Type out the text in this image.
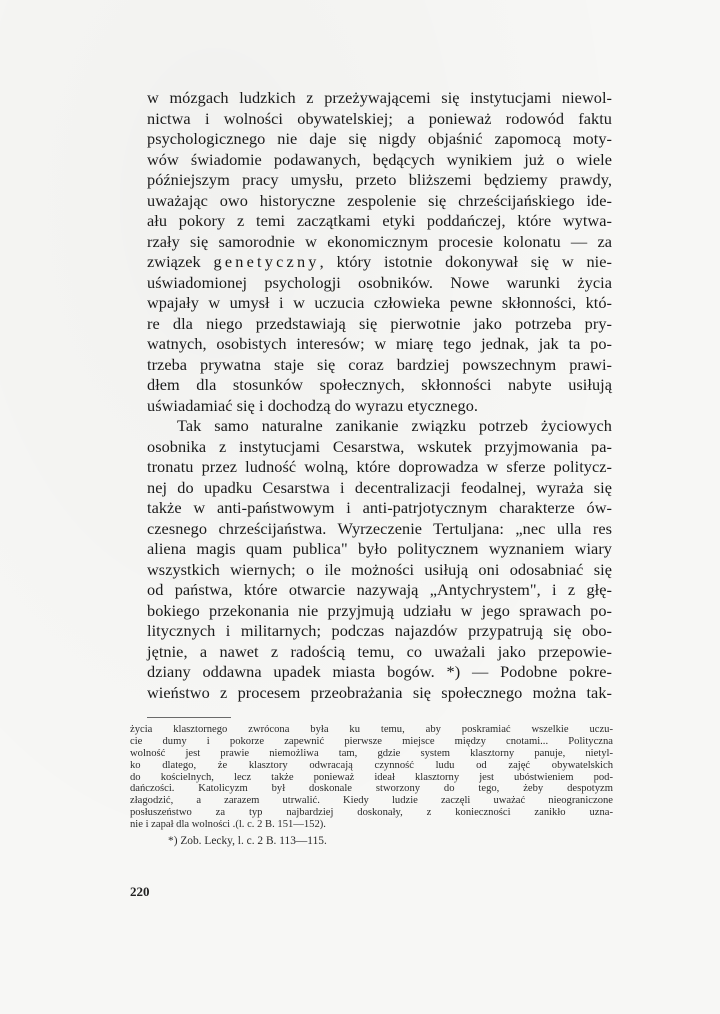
w mózgach ludzkich z przeżywającemi się instytucjami niewol-
nictwa i wolności obywatelskiej; a ponieważ rodowód faktu
psychologicznego nie daje się nigdy objaśnić zapomocą moty-
wów świadomie podawanych, będących wynikiem już o wiele
późniejszym pracy umysłu, przeto bliższemi będziemy prawdy,
uważając owo historyczne zespolenie się chrześcijańskiego ide-
ału pokory z temi zaczątkami etyki poddańczej, które wytwa-
rzały się samorodnie w ekonomicznym procesie kolonatu — za
związek genetyczny, który istotnie dokonywał się w nie-
uświadomionej psychologji osobników. Nowe warunki życia
wpajały w umysł i w uczucia człowieka pewne skłonności, któ-
re dla niego przedstawiają się pierwotnie jako potrzeba pry-
watnych, osobistych interesów; w miarę tego jednak, jak ta po-
trzeba prywatna staje się coraz bardziej powszechnym prawi-
dłem dla stosunków społecznych, skłonności nabyte usiłują
uświadamiać się i dochodzą do wyrazu etycznego.
Tak samo naturalne zanikanie związku potrzeb życiowych
osobnika z instytucjami Cesarstwa, wskutek przyjmowania pa-
tronatu przez ludność wolną, które doprowadza w sferze politycz-
nej do upadku Cesarstwa i decentralizacji feodalnej, wyraża się
także w anti-państwowym i anti-patrjotycznym charakterze ów-
czesnego chrześcijaństwa. Wyrzeczenie Tertuljana: „nec ulla res
aliena magis quam publica" było politycznem wyznaniem wiary
wszystkich wiernych; o ile możności usiłują oni odosabniać się
od państwa, które otwarcie nazywają „Antychrystem", i z głę-
bokiego przekonania nie przyjmują udziału w jego sprawach po-
litycznych i militarnych; podczas najazdów przypatrują się obo-
jętnie, a nawet z radością temu, co uważali jako przepowie-
dziany oddawna upadek miasta bogów. *) — Podobne pokre-
wieństwo z procesem przeobrażania się społecznego można tak-
życia klasztornego zwrócona była ku temu, aby poskramiać wszelkie uczu-
cie dumy i pokorze zapewnić pierwsze miejsce między cnotami... Polityczna
wolność jest prawie niemożliwa tam, gdzie system klasztorny panuje, nietyl-
ko dlatego, że klasztory odwracają czynność ludu od zajęć obywatelskich
do kościelnych, lecz także ponieważ ideał klasztorny jest ubóstwieniem pod-
dańczości. Katolicyzm był doskonale stworzony do tego, żeby despotyzm
złagodzić, a zarazem utrwalić. Kiedy ludzie zaczęli uważać nieograniczone
posłuszeństwo za typ najbardziej doskonały, z konieczności zanikło uzna-
nie i zapał dla wolności .(l. c. 2 B. 151—152).
*) Zob. Lecky, l. c. 2 B. 113—115.
220
